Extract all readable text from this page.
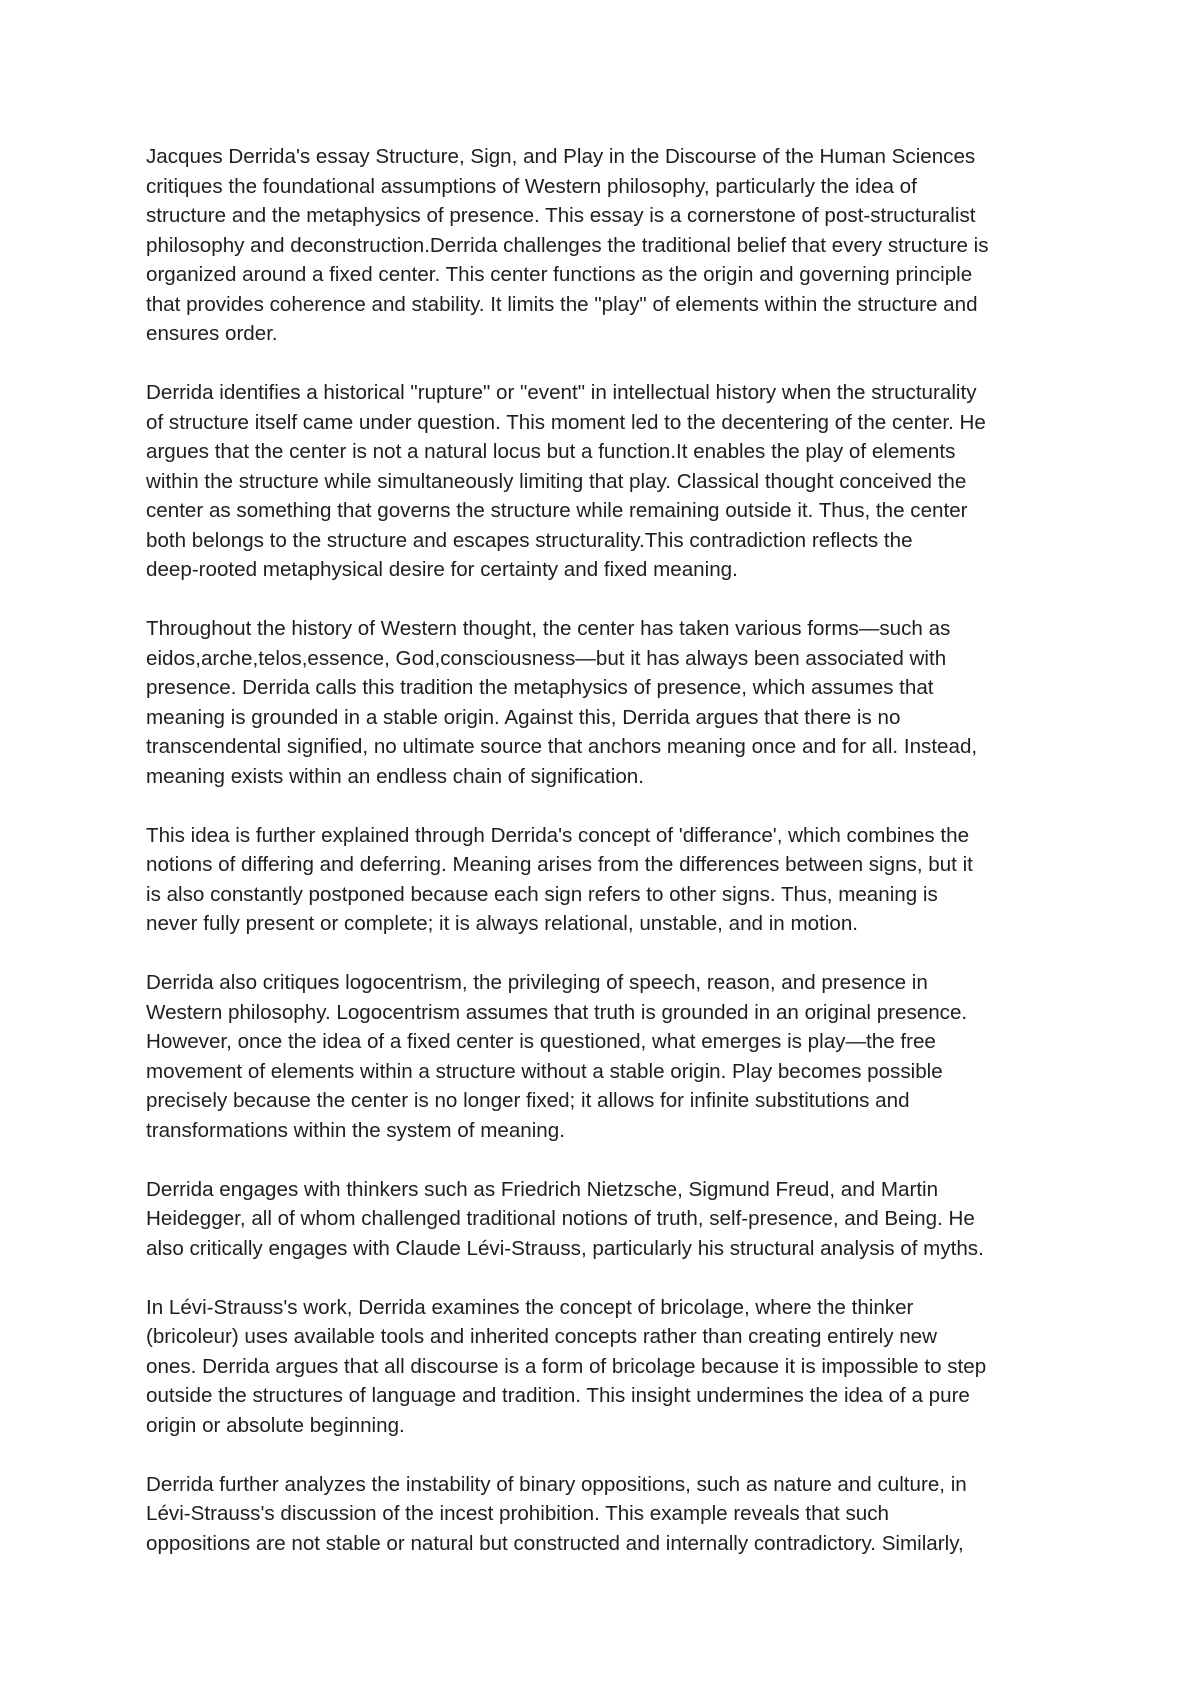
Jacques Derrida's essay Structure, Sign, and Play in the Discourse of the Human Sciences
critiques the foundational assumptions of Western philosophy, particularly the idea of
structure and the metaphysics of presence. This essay is a cornerstone of post-structuralist
philosophy and deconstruction.Derrida challenges the traditional belief that every structure is
organized around a fixed center. This center functions as the origin and governing principle
that provides coherence and stability. It limits the "play" of elements within the structure and
ensures order.

Derrida identifies a historical "rupture" or "event" in intellectual history when the structurality
of structure itself came under question. This moment led to the decentering of the center. He
argues that the center is not a natural locus but a function.It enables the play of elements
within the structure while simultaneously limiting that play. Classical thought conceived the
center as something that governs the structure while remaining outside it. Thus, the center
both belongs to the structure and escapes structurality.This contradiction reflects the
deep-rooted metaphysical desire for certainty and fixed meaning.

Throughout the history of Western thought, the center has taken various forms—such as
eidos,arche,telos,essence, God,consciousness—but it has always been associated with
presence. Derrida calls this tradition the metaphysics of presence, which assumes that
meaning is grounded in a stable origin. Against this, Derrida argues that there is no
transcendental signified, no ultimate source that anchors meaning once and for all. Instead,
meaning exists within an endless chain of signification.

This idea is further explained through Derrida's concept of 'differance', which combines the
notions of differing and deferring. Meaning arises from the differences between signs, but it
is also constantly postponed because each sign refers to other signs. Thus, meaning is
never fully present or complete; it is always relational, unstable, and in motion.

Derrida also critiques logocentrism, the privileging of speech, reason, and presence in
Western philosophy. Logocentrism assumes that truth is grounded in an original presence.
However, once the idea of a fixed center is questioned, what emerges is play—the free
movement of elements within a structure without a stable origin. Play becomes possible
precisely because the center is no longer fixed; it allows for infinite substitutions and
transformations within the system of meaning.

Derrida engages with thinkers such as Friedrich Nietzsche, Sigmund Freud, and Martin
Heidegger, all of whom challenged traditional notions of truth, self-presence, and Being. He
also critically engages with Claude Lévi-Strauss, particularly his structural analysis of myths.

In Lévi-Strauss's work, Derrida examines the concept of bricolage, where the thinker
(bricoleur) uses available tools and inherited concepts rather than creating entirely new
ones. Derrida argues that all discourse is a form of bricolage because it is impossible to step
outside the structures of language and tradition. This insight undermines the idea of a pure
origin or absolute beginning.

Derrida further analyzes the instability of binary oppositions, such as nature and culture, in
Lévi-Strauss's discussion of the incest prohibition. This example reveals that such
oppositions are not stable or natural but constructed and internally contradictory. Similarly,
